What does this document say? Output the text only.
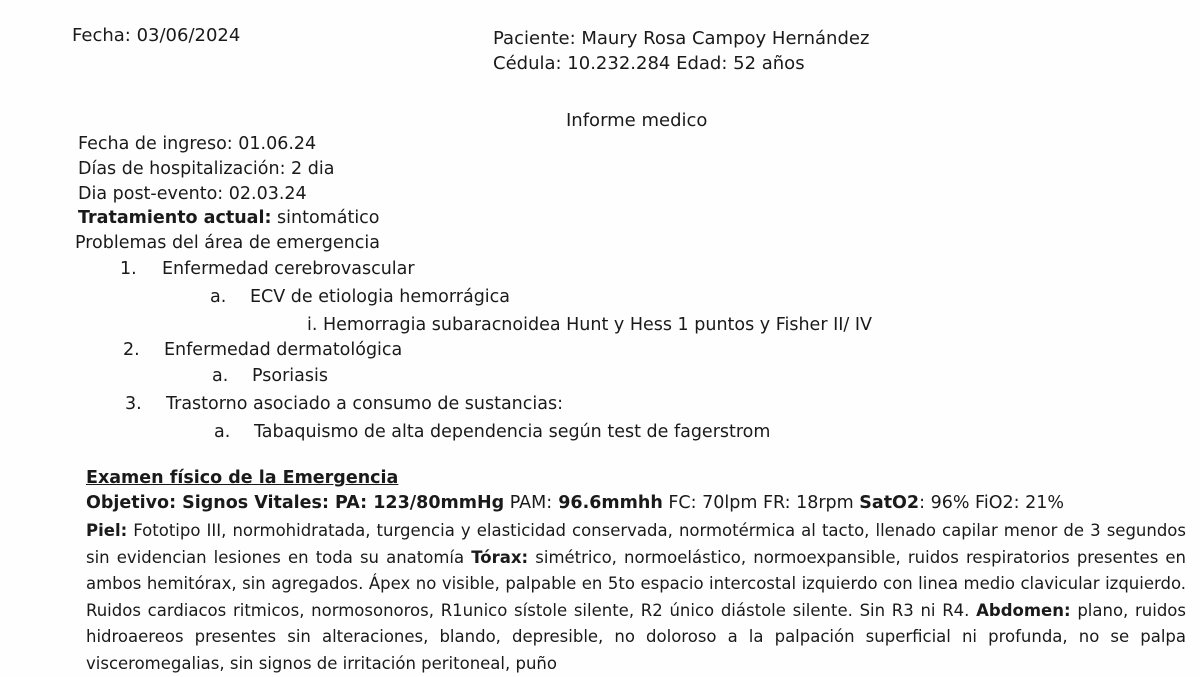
Fecha: 03/06/2024	Paciente: Maury Rosa Campoy Hernández

Cédula: 10.232.284 Edad: 52 años

Informe medico

Fecha de ingreso: 01.06.24

Días de hospitalización: 2 dia

Dia post-evento: 02.03.24

Tratamiento actual: sintomático

Problemas del área de emergencia

1. Enfermedad cerebrovascular

a. ECV de etiologia hemorrágica

i. Hemorragia subaracnoidea Hunt y Hess 1 puntos y Fisher II/ IV

2. Enfermedad dermatológica

a. Psoriasis

3. Trastorno asociado a consumo de sustancias:

a. Tabaquismo de alta dependencia según test de fagerstrom

Examen físico de la Emergencia

Objetivo: Signos Vitales: PA: 123/80mmHg PAM: 96.6mmhh FC: 70lpm FR: 18rpm SatO2: 96% FiO2: 21%

Piel: Fototipo III, normohidratada, turgencia y elasticidad conservada, normotérmica al tacto, llenado capilar menor de 3 segundos sin evidencian lesiones en toda su anatomía Tórax: simétrico, normoelástico, normoexpansible, ruidos respiratorios presentes en ambos hemitórax, sin agregados. Ápex no visible, palpable en 5to espacio intercostal izquierdo con linea medio clavicular izquierdo. Ruidos cardiacos ritmicos, normosonoros, R1unico sístole silente, R2 único diástole silente. Sin R3 ni R4. Abdomen: plano, ruidos hidroaereos presentes sin alteraciones, blando, depresible, no doloroso a la palpación superficial ni profunda, no se palpa visceromegalias, sin signos de irritación peritoneal, puño
